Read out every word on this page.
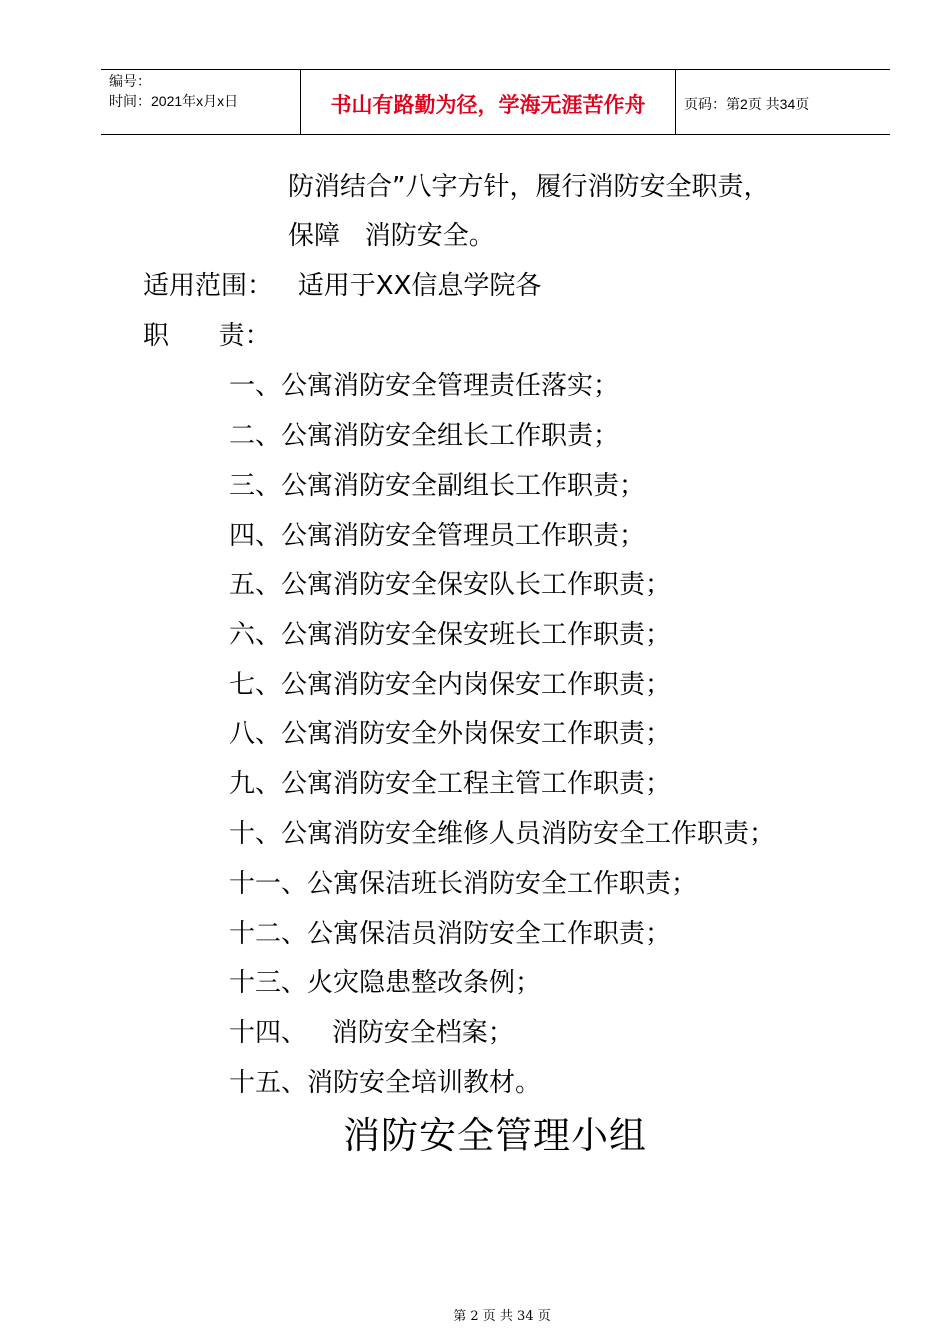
编号：
时间：2021年x月x日	书山有路勤为径，学海无涯苦作舟	页码：第2页 共34页
防消结合”八字方针，履行消防安全职责，
保障   消防安全。
适用范围：   适用于XX信息学院各
职      责：
一、公寓消防安全管理责任落实；
二、公寓消防安全组长工作职责；
三、公寓消防安全副组长工作职责；
四、公寓消防安全管理员工作职责；
五、公寓消防安全保安队长工作职责；
六、公寓消防安全保安班长工作职责；
七、公寓消防安全内岗保安工作职责；
八、公寓消防安全外岗保安工作职责；
九、公寓消防安全工程主管工作职责；
十、公寓消防安全维修人员消防安全工作职责；
十一、公寓保洁班长消防安全工作职责；
十二、公寓保洁员消防安全工作职责；
十三、火灾隐患整改条例；
十四、   消防安全档案；
十五、消防安全培训教材。
消防安全管理小组
第 2 页 共 34 页
